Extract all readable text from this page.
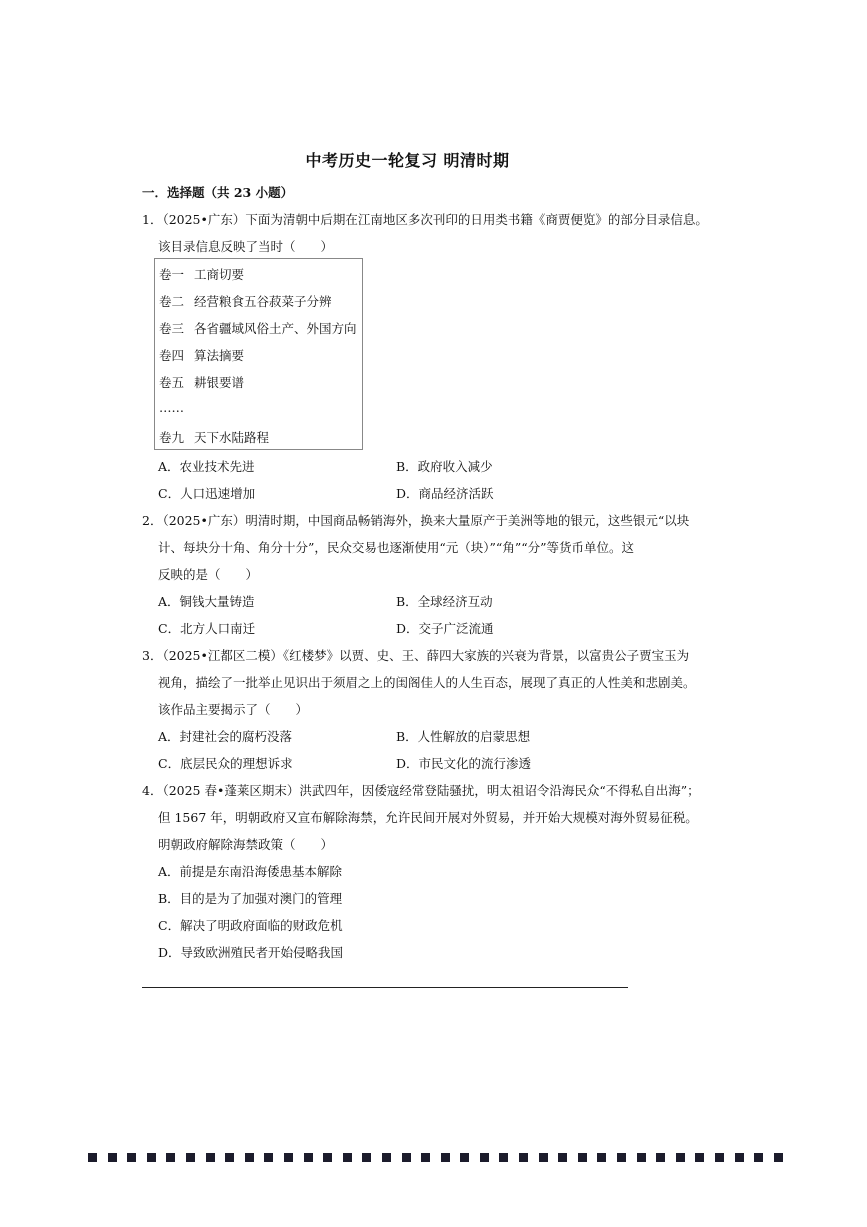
中考历史一轮复习 明清时期
一．选择题（共 23 小题）
1．（2025•广东）下面为清朝中后期在江南地区多次刊印的日用类书籍《商贾便览》的部分目录信息。
该目录信息反映了当时（　　）
卷一 工商切要
卷二 经营粮食五谷菽菜子分辨
卷三 各省疆域风俗土产、外国方向
卷四 算法摘要
卷五 耕银要谱
……
卷九 天下水陆路程
A．农业技术先进	B．政府收入减少
C．人口迅速增加	D．商品经济活跃
2．（2025•广东）明清时期，中国商品畅销海外，换来大量原产于美洲等地的银元，这些银元“以块
计、每块分十角、角分十分”，民众交易也逐渐使用“元（块）”“角”“分”等货币单位。这
反映的是（　　）
A．铜钱大量铸造	B．全球经济互动
C．北方人口南迁	D．交子广泛流通
3．（2025•江都区二模）《红楼梦》以贾、史、王、薛四大家族的兴衰为背景，以富贵公子贾宝玉为
视角，描绘了一批举止见识出于须眉之上的闺阁佳人的人生百态，展现了真正的人性美和悲剧美。
该作品主要揭示了（　　）
A．封建社会的腐朽没落	B．人性解放的启蒙思想
C．底层民众的理想诉求	D．市民文化的流行渗透
4．（2025 春•蓬莱区期末）洪武四年，因倭寇经常登陆骚扰，明太祖诏令沿海民众“不得私自出海”；
但 1567 年，明朝政府又宣布解除海禁，允许民间开展对外贸易，并开始大规模对海外贸易征税。
明朝政府解除海禁政策（　　）
A．前提是东南沿海倭患基本解除
B．目的是为了加强对澳门的管理
C．解决了明政府面临的财政危机
D．导致欧洲殖民者开始侵略我国
